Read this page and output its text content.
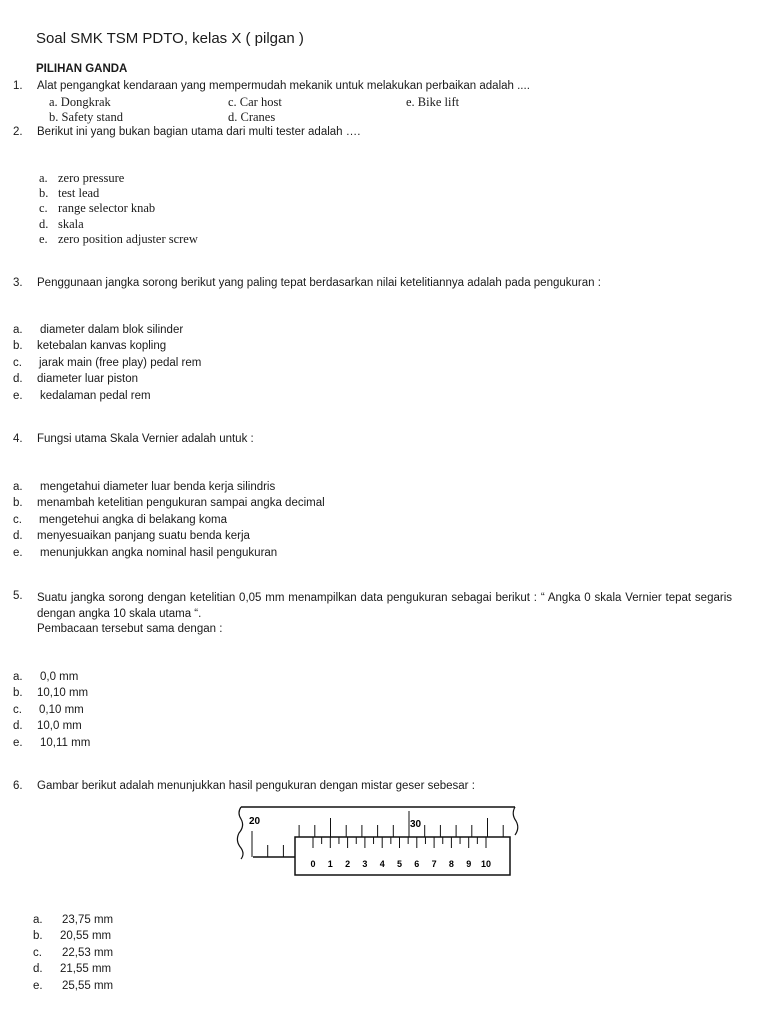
Soal SMK TSM PDTO, kelas X ( pilgan )
PILIHAN GANDA
1. Alat pengangkat kendaraan yang mempermudah mekanik untuk melakukan perbaikan adalah ....
a. Dongkrak	c. Car host	e. Bike lift
b. Safety stand	d. Cranes
2. Berikut ini yang bukan bagian utama dari multi tester adalah ….
a. zero pressure
b. test lead
c. range selector knab
d. skala
e. zero position adjuster screw
3. Penggunaan jangka sorong berikut yang paling tepat berdasarkan nilai ketelitiannya adalah pada pengukuran :
a. diameter dalam blok silinder
b. ketebalan kanvas kopling
c. jarak main (free play) pedal rem
d. diameter luar piston
e. kedalaman pedal rem
4. Fungsi utama Skala Vernier adalah untuk :
a. mengetahui diameter luar benda kerja silindris
b. menambah ketelitian pengukuran sampai angka decimal
c. mengetehui angka di belakang koma
d. menyesuaikan panjang suatu benda kerja
e. menunjukkan angka nominal hasil pengukuran
5. Suatu jangka sorong dengan ketelitian 0,05 mm menampilkan data pengukuran sebagai berikut : “ Angka 0 skala Vernier tepat segaris dengan angka 10 skala utama “.
Pembacaan tersebut sama dengan :
a. 0,0 mm
b. 10,10 mm
c. 0,10 mm
d. 10,0 mm
e. 10,11 mm
6. Gambar berikut adalah menunjukkan hasil pengukuran dengan mistar geser sebesar :
0 1 2 3 4 5 6 7 8 9 10
20	30
a. 23,75 mm
b. 20,55 mm
c. 22,53 mm
d. 21,55 mm
e. 25,55 mm
